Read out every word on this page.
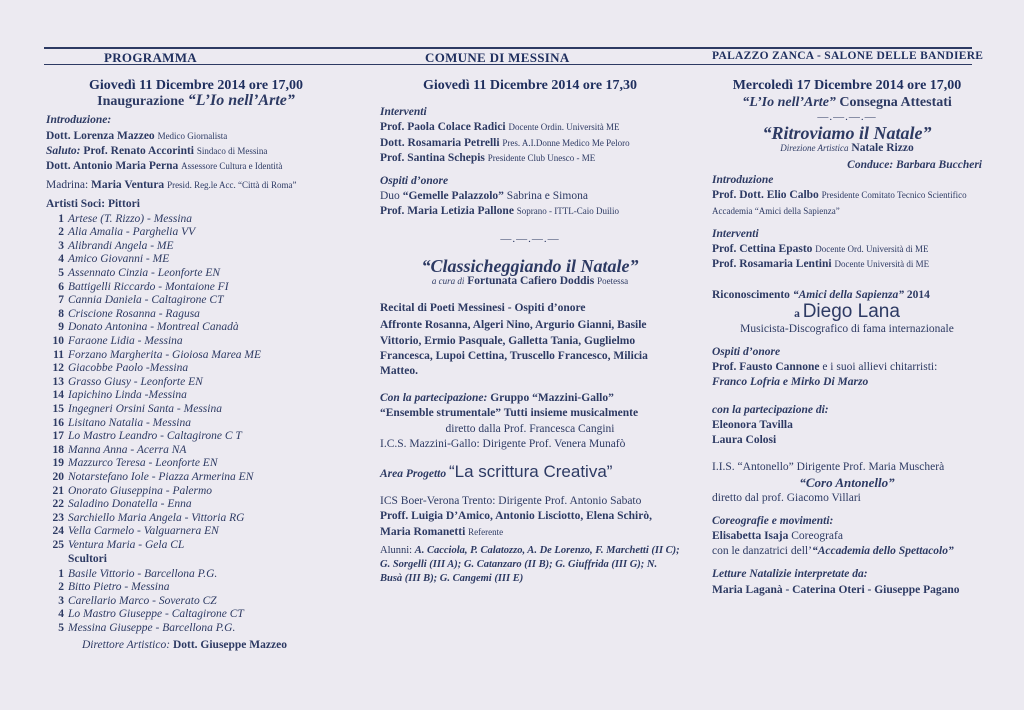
PROGRAMMA	COMUNE DI MESSINA	PALAZZO ZANCA - SALONE DELLE BANDIERE
Giovedì 11 Dicembre 2014 ore 17,00
Inaugurazione “L’Io nell’Arte”
Introduzione:
Dott. Lorenza Mazzeo Medico Giornalista
Saluto: Prof. Renato Accorinti Sindaco di Messina
Dott. Antonio Maria Perna Assessore Cultura e Identità
Madrina: Maria Ventura Presid. Reg.le Acc. “Città di Roma”
Artisti Soci: Pittori
1 Artese (T. Rizzo) - Messina
2 Alia Amalia - Parghelia VV
3 Alibrandi Angela - ME
4 Amico Giovanni - ME
5 Assennato Cinzia - Leonforte EN
6 Battigelli Riccardo - Montaione FI
7 Cannia Daniela - Caltagirone CT
8 Criscione Rosanna - Ragusa
9 Donato Antonina - Montreal Canadà
10 Faraone Lidia - Messina
11 Forzano Margherita - Gioiosa Marea ME
12 Giacobbe Paolo -Messina
13 Grasso Giusy - Leonforte EN
14 Iapichino Linda -Messina
15 Ingegneri Orsini Santa - Messina
16 Lisitano Natalia - Messina
17 Lo Mastro Leandro - Caltagirone C T
18 Manna Anna - Acerra NA
19 Mazzurco Teresa - Leonforte EN
20 Notarstefano Iole - Piazza Armerina EN
21 Onorato Giuseppina - Palermo
22 Saladino Donatella - Enna
23 Sarchiello Maria Angela - Vittoria RG
24 Vella Carmelo - Valguarnera EN
25 Ventura Maria - Gela CL
Scultori
1 Basile Vittorio - Barcellona P.G.
2 Bitto Pietro - Messina
3 Carellario Marco - Soverato CZ
4 Lo Mastro Giuseppe - Caltagirone CT
5 Messina Giuseppe - Barcellona P.G.
Direttore Artistico: Dott. Giuseppe Mazzeo
Giovedì 11 Dicembre 2014 ore 17,30
Interventi
Prof. Paola Colace Radici Docente Ordin. Università ME
Dott. Rosamaria Petrelli Pres. A.I.Donne Medico Me Peloro
Prof. Santina Schepis Presidente Club Unesco - ME
Ospiti d’onore
Duo “Gemelle Palazzolo” Sabrina e Simona
Prof. Maria Letizia Pallone Soprano - ITTL-Caio Duilio
—.—.—.—
“Classicheggiando il Natale”
a cura di Fortunata Cafiero Doddis Poetessa
Recital di Poeti Messinesi - Ospiti d’onore
Affronte Rosanna, Algeri Nino, Argurio Gianni, Basile Vittorio, Ermio Pasquale, Galletta Tania, Guglielmo Francesca, Lupoi Cettina, Truscello Francesco, Milicia Matteo.
Con la partecipazione: Gruppo “Mazzini-Gallo”
“Ensemble strumentale” Tutti insieme musicalmente
diretto dalla Prof. Francesca Cangini
I.C.S. Mazzini-Gallo: Dirigente Prof. Venera Munafò
Area Progetto “La scrittura Creativa”
ICS Boer-Verona Trento: Dirigente Prof. Antonio Sabato
Proff. Luigia D’Amico, Antonio Lisciotto, Elena Schirò, Maria Romanetti Referente
Alunni: A. Cacciola, P. Calatozzo, A. De Lorenzo, F. Marchetti (II C); G. Sorgelli (III A); G. Catanzaro (II B); G. Giuffrida (III G); N. Busà (III B); G. Cangemi (III E)
Mercoledì 17 Dicembre 2014 ore 17,00
“L’Io nell’Arte” Consegna Attestati
—.—.—.—
“Ritroviamo il Natale”
Direzione Artistica Natale Rizzo
Conduce: Barbara Buccheri
Introduzione
Prof. Dott. Elio Calbo Presidente Comitato Tecnico Scientifico Accademia “Amici della Sapienza”
Interventi
Prof. Cettina Epasto Docente Ord. Università di ME
Prof. Rosamaria Lentini Docente Università di ME
Riconoscimento “Amici della Sapienza” 2014
a Diego Lana
Musicista-Discografico di fama internazionale
Ospiti d’onore
Prof. Fausto Cannone e i suoi allievi chitarristi:
Franco Lofria e Mirko Di Marzo
con la partecipazione di:
Eleonora Tavilla
Laura Colosi
I.I.S. “Antonello” Dirigente Prof. Maria Muscherà
“Coro Antonello”
diretto dal prof. Giacomo Villari
Coreografie e movimenti:
Elisabetta Isaja Coreografa
con le danzatrici dell’“Accademia dello Spettacolo”
Letture Natalizie interpretate da:
Maria Laganà - Caterina Oteri - Giuseppe Pagano
